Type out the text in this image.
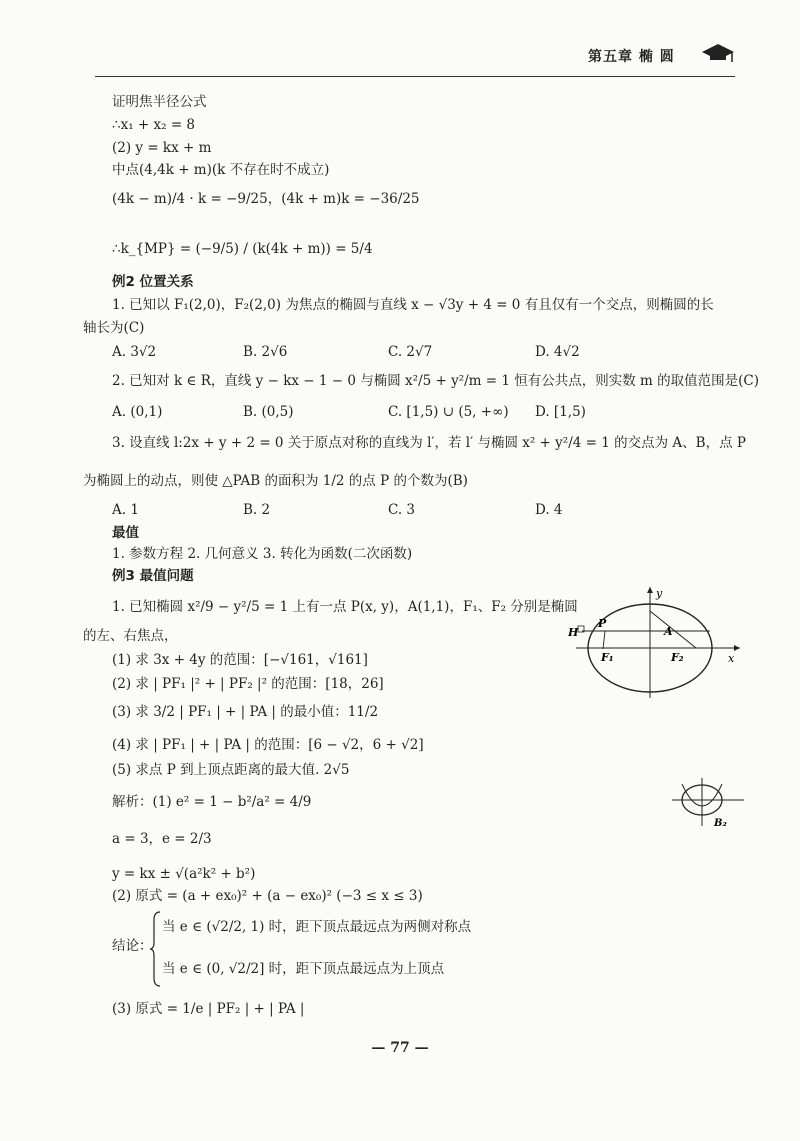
第五章 椭 圆
证明焦半径公式
∴x₁ + x₂ = 8
(2) y = kx + m
中点(4,4k + m)(k 不存在时不成立)
(4k − m)/4 · k = −9/25，(4k + m)k = −36/25
∴k_{MP} = (−9/5) / (k(4k + m)) = 5/4
例2 位置关系
1. 已知以 F₁(2,0)，F₂(2,0) 为焦点的椭圆与直线 x − √3y + 4 = 0 有且仅有一个交点，则椭圆的长
轴长为(C)
A. 3√2	B. 2√6	C. 2√7	D. 4√2
2. 已知对 k ∈ R，直线 y − kx − 1 − 0 与椭圆 x²/5 + y²/m = 1 恒有公共点，则实数 m 的取值范围是(C)
A. (0,1)	B. (0,5)	C. [1,5) ∪ (5, +∞) D. [1,5)
3. 设直线 l:2x + y + 2 = 0 关于原点对称的直线为 l′，若 l′ 与椭圆 x² + y²/4 = 1 的交点为 A、B，点 P
为椭圆上的动点，则使 △PAB 的面积为 1/2 的点 P 的个数为(B)
A. 1	B. 2	C. 3	D. 4
最值
1. 参数方程 2. 几何意义 3. 转化为函数(二次函数)
例3 最值问题
1. 已知椭圆 x²/9 − y²/5 = 1 上有一点 P(x, y)，A(1,1)，F₁、F₂ 分别是椭圆
的左、右焦点，
(1) 求 3x + 4y 的范围：[−√161，√161]
(2) 求 | PF₁ |² + | PF₂ |² 的范围：[18，26]
(3) 求 3/2 | PF₁ | + | PA | 的最小值：11/2
(4) 求 | PF₁ | + | PA | 的范围：[6 − √2，6 + √2]
(5) 求点 P 到上顶点距离的最大值. 2√5
解析：(1) e² = 1 − b²/a² = 4/9
a = 3，e = 2/3
y = kx ± √(a²k² + b²)
(2) 原式 = (a + ex₀)² + (a − ex₀)² (−3 ≤ x ≤ 3)
结论：
当 e ∈ (√2/2, 1) 时，距下顶点最远点为两侧对称点
当 e ∈ (0, √2/2] 时，距下顶点最远点为上顶点
(3) 原式 = 1/e | PF₂ | + | PA |
y
x
H
P
A
F₁	F₂
B₂
— 77 —
